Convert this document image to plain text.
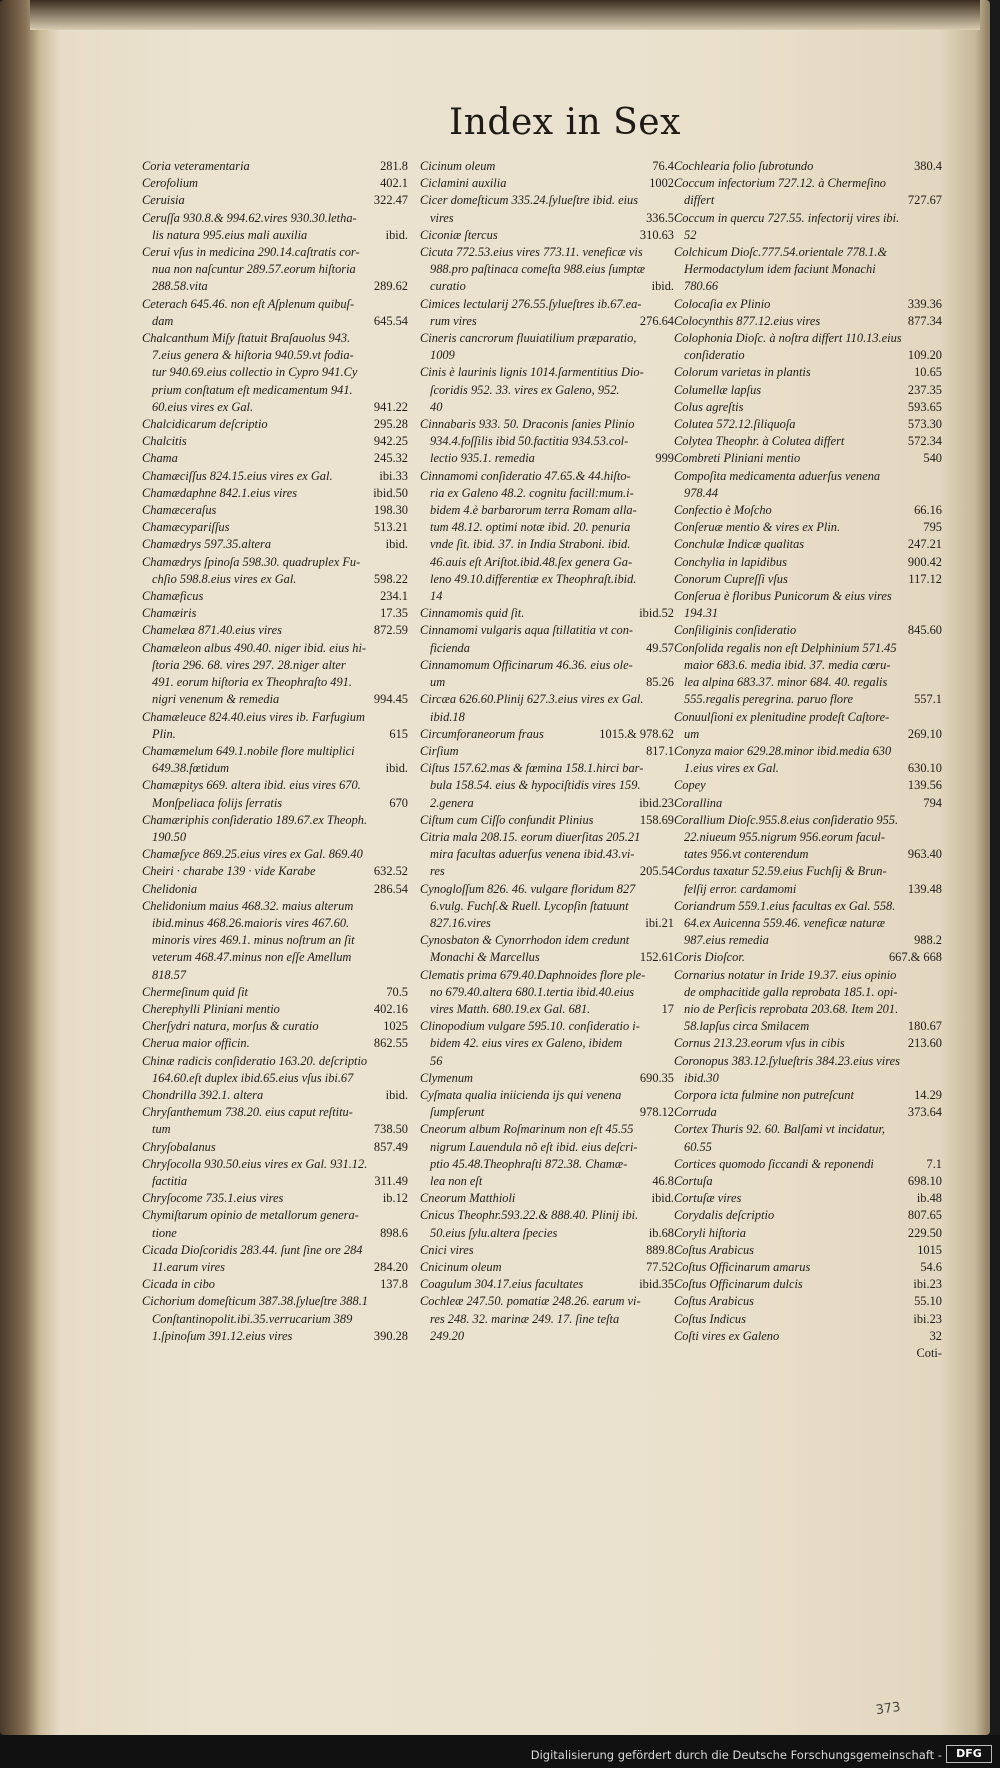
Index in Sex
Coria veteramentaria	281.8
Cerofolium	402.1
Ceruisia	322.47
Ceruſſa 930.8.& 994.62.vires 930.30.letha-
lis natura 995.eius mali auxilia	ibid.
Cerui vſus in medicina 290.14.caſtratis cor-
nua non naſcuntur 289.57.eorum hiſtoria
288.58.vita	289.62
Ceterach 645.46. non eſt Aſplenum quibuſ-
dam	645.54
Chalcanthum Miſy ſtatuit Braſauolus 943.
7.eius genera & hiſtoria 940.59.vt fodia-
tur 940.69.eius collectio in Cypro 941.Cy
prium conſtatum eſt medicamentum 941.
60.eius vires ex Gal.	941.22
Chalcidicarum deſcriptio	295.28
Chalcitis	942.25
Chama	245.32
Chamæciſſus 824.15.eius vires ex Gal.	ibi.33
Chamædaphne 842.1.eius vires	ibid.50
Chamæceraſus	198.30
Chamæcypariſſus	513.21
Chamædrys 597.35.altera	ibid.
Chamædrys ſpinoſa 598.30. quadruplex Fu-
chſio 598.8.eius vires ex Gal.	598.22
Chamæficus	234.1
Chamæiris	17.35
Chamelæa 871.40.eius vires	872.59
Chamæleon albus 490.40. niger ibid. eius hi-
ſtoria 296. 68. vires 297. 28.niger alter
491. eorum hiſtoria ex Theophraſto 491.
nigri venenum & remedia	994.45
Chamæleuce 824.40.eius vires ib. Farfugium
Plin.	615
Chamæmelum 649.1.nobile flore multiplici
649.38.fœtidum	ibid.
Chamæpitys 669. altera ibid. eius vires 670.
Monſpeliaca folijs ſerratis	670
Chamæriphis conſideratio 189.67.ex Theoph.
190.50
Chamæſyce 869.25.eius vires ex Gal. 869.40
Cheiri · charabe 139 · vide Karabe	632.52
Chelidonia	286.54
Chelidonium maius 468.32. maius alterum
ibid.minus 468.26.maioris vires 467.60.
minoris vires 469.1. minus noſtrum an ſit
veterum 468.47.minus non eſſe Amellum
818.57
Chermeſinum quid ſit	70.5
Cherephylli Pliniani mentio	402.16
Cherſydri natura, morſus & curatio	1025
Cherua maior officin.	862.55
Chinæ radicis conſideratio 163.20. deſcriptio
164.60.eſt duplex ibid.65.eius vſus ibi.67
Chondrilla 392.1. altera	ibid.
Chryſanthemum 738.20. eius caput reſtitu-
tum	738.50
Chryſobalanus	857.49
Chryſocolla 930.50.eius vires ex Gal. 931.12.
factitia	311.49
Chryſocome 735.1.eius vires	ib.12
Chymiſtarum opinio de metallorum genera-
tione	898.6
Cicada Dioſcoridis 283.44. ſunt ſine ore 284
11.earum vires	284.20
Cicada in cibo	137.8
Cichorium domeſticum 387.38.ſylueſtre 388.1
Conſtantinopolit.ibi.35.verrucarium 389
1.ſpinoſum 391.12.eius vires	390.28
Cicinum oleum	76.4
Ciclamini auxilia	1002
Cicer domeſticum 335.24.ſylueſtre ibid. eius
vires	336.5
Ciconiæ ſtercus	310.63
Cicuta 772.53.eius vires 773.11. veneficæ vis
988.pro paſtinaca comeſta 988.eius ſumptæ
curatio	ibid.
Cimices lectularij 276.55.ſylueſtres ib.67.ea-
rum vires	276.64
Cineris cancrorum fluuiatilium præparatio,
1009
Cinis è laurinis lignis 1014.ſarmentitius Dio-
ſcoridis 952. 33. vires ex Galeno, 952.
40
Cinnabaris 933. 50. Draconis ſanies Plinio
934.4.foſſilis ibid 50.factitia 934.53.col-
lectio 935.1. remedia	999
Cinnamomi conſideratio 47.65.& 44.hiſto-
ria ex Galeno 48.2. cognitu facill:mum.i-
bidem 4.è barbarorum terra Romam alla-
tum 48.12. optimi notæ ibid. 20. penuria
vnde ſit. ibid. 37. in India Straboni. ibid.
46.auis eſt Ariſtot.ibid.48.ſex genera Ga-
leno 49.10.differentiæ ex Theophraſt.ibid.
14
Cinnamomis quid ſit.	ibid.52
Cinnamomi vulgaris aqua ſtillatitia vt con-
ficienda	49.57
Cinnamomum Officinarum 46.36. eius ole-
um	85.26
Circæa 626.60.Plinij 627.3.eius vires ex Gal.
ibid.18
Circumforaneorum fraus	1015.& 978.62
Cirſium	817.1
Ciſtus 157.62.mas & fœmina 158.1.hirci bar-
bula 158.54. eius & hypociſtidis vires 159.
2.genera	ibid.23
Ciſtum cum Ciſſo confundit Plinius	158.69
Citria mala 208.15. eorum diuerſitas 205.21
mira facultas aduerſus venena ibid.43.vi-
res	205.54
Cynogloſſum 826. 46. vulgare floridum 827
6.vulg. Fuchſ.& Ruell. Lycopſin ſtatuunt
827.16.vires	ibi.21
Cynosbaton & Cynorrhodon idem credunt
Monachi & Marcellus	152.61
Clematis prima 679.40.Daphnoides flore ple-
no 679.40.altera 680.1.tertia ibid.40.eius
vires Matth. 680.19.ex Gal. 681.	17
Clinopodium vulgare 595.10. conſideratio i-
bidem 42. eius vires ex Galeno, ibidem
56
Clymenum	690.35
Cyſmata qualia iniicienda ijs qui venena
ſumpſerunt	978.12
Cneorum album Roſmarinum non eſt 45.55
nigrum Lauendula nõ eſt ibid. eius deſcri-
ptio 45.48.Theophraſti 872.38. Chamæ-
lea non eſt	46.8
Cneorum Matthioli	ibid.
Cnicus Theophr.593.22.& 888.40. Plinij ibi.
50.eius ſylu.altera ſpecies	ib.68
Cnici vires	889.8
Cnicinum oleum	77.52
Coagulum 304.17.eius facultates	ibid.35
Cochleæ 247.50. pomatiæ 248.26. earum vi-
res 248. 32. marinæ 249. 17. ſine teſta
249.20
Cochlearia folio ſubrotundo	380.4
Coccum infectorium 727.12. à Chermeſino
differt	727.67
Coccum in quercu 727.55. infectorij vires ibi.
52
Colchicum Dioſc.777.54.orientale 778.1.&
Hermodactylum idem faciunt Monachi
780.66
Colocaſia ex Plinio	339.36
Colocynthis 877.12.eius vires	877.34
Colophonia Dioſc. à noſtra differt 110.13.eius
conſideratio	109.20
Colorum varietas in plantis	10.65
Columellæ lapſus	237.35
Colus agreſtis	593.65
Colutea 572.12.ſiliquoſa	573.30
Colytea Theophr. à Colutea differt	572.34
Combreti Pliniani mentio	540
Compoſita medicamenta aduerſus venena
978.44
Confectio è Moſcho	66.16
Conſeruæ mentio & vires ex Plin.	795
Conchulæ Indicæ qualitas	247.21
Conchylia in lapidibus	900.42
Conorum Cupreſſi vſus	117.12
Conſerua è floribus Punicorum & eius vires
194.31
Conſiliginis conſideratio	845.60
Conſolida regalis non eſt Delphinium 571.45
maior 683.6. media ibid. 37. media cœru-
lea alpina 683.37. minor 684. 40. regalis
555.regalis peregrina. paruo flore	557.1
Conuulſioni ex plenitudine prodeſt Caſtore-
um	269.10
Conyza maior 629.28.minor ibid.media 630
1.eius vires ex Gal.	630.10
Copey	139.56
Corallina	794
Corallium Dioſc.955.8.eius conſideratio 955.
22.niueum 955.nigrum 956.eorum facul-
tates 956.vt conterendum	963.40
Cordus taxatur 52.59.eius Fuchſij & Brun-
felſij error. cardamomi	139.48
Coriandrum 559.1.eius facultas ex Gal. 558.
64.ex Auicenna 559.46. veneficæ naturæ
987.eius remedia	988.2
Coris Dioſcor.	667.& 668
Cornarius notatur in Iride 19.37. eius opinio
de omphacitide galla reprobata 185.1. opi-
nio de Perſicis reprobata 203.68. Item 201.
58.lapſus circa Smilacem	180.67
Cornus 213.23.eorum vſus in cibis	213.60
Coronopus 383.12.ſylueſtris 384.23.eius vires
ibid.30
Corpora icta fulmine non putreſcunt	14.29
Corruda	373.64
Cortex Thuris 92. 60. Balſami vt incidatur,
60.55
Cortices quomodo ſiccandi & reponendi	7.1
Cortuſa	698.10
Cortuſæ vires	ib.48
Corydalis deſcriptio	807.65
Coryli hiſtoria	229.50
Coſtus Arabicus	1015
Coſtus Officinarum amarus	54.6
Coſtus Officinarum dulcis	ibi.23
Coſtus Arabicus	55.10
Coſtus Indicus	ibi.23
Coſti vires ex Galeno	32
Coti-
373
Digitalisierung gefördert durch die Deutsche Forschungsgemeinschaft -	DFG
